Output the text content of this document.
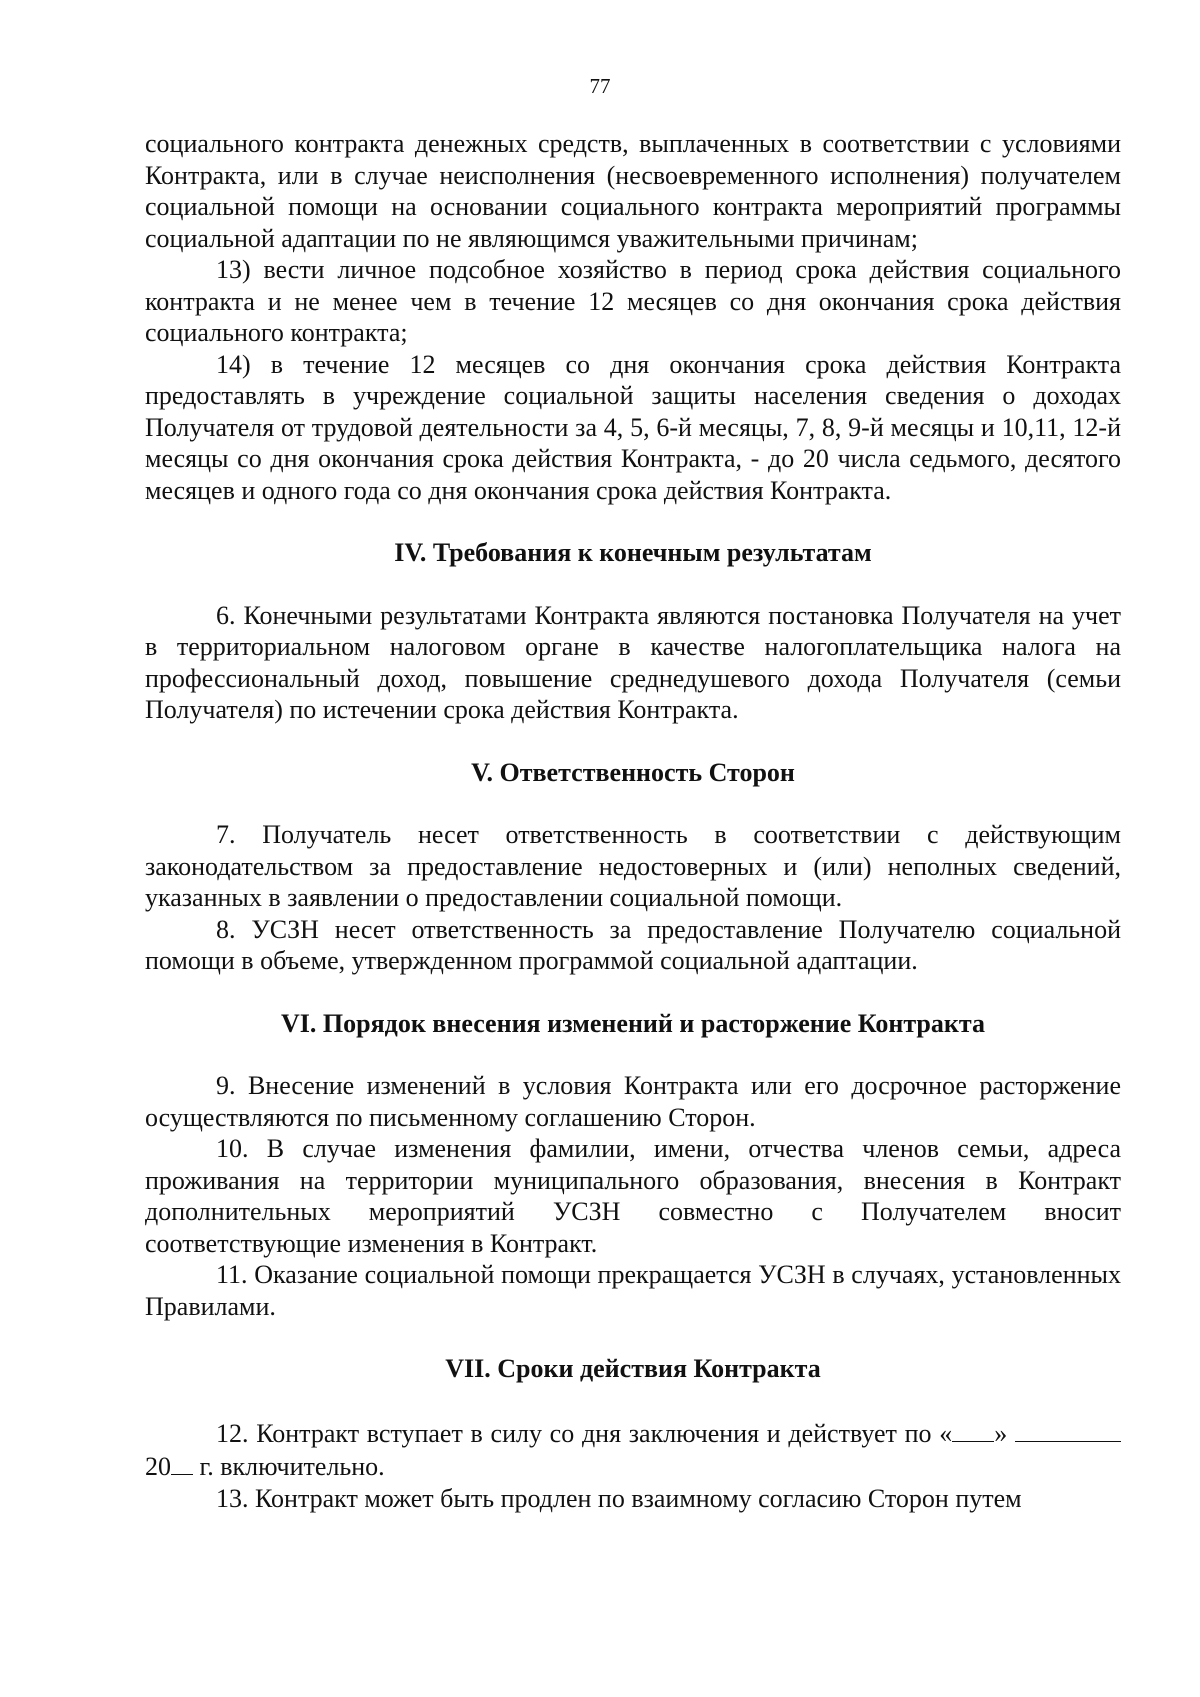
77

социального контракта денежных средств, выплаченных в соответствии с условиями Контракта, или в случае неисполнения (несвоевременного исполнения) получателем социальной помощи на основании социального контракта мероприятий программы социальной адаптации по не являющимся уважительными причинам;

13) вести личное подсобное хозяйство в период срока действия социального контракта и не менее чем в течение 12 месяцев со дня окончания срока действия социального контракта;

14) в течение 12 месяцев со дня окончания срока действия Контракта предоставлять в учреждение социальной защиты населения сведения о доходах Получателя от трудовой деятельности за 4, 5, 6-й месяцы, 7, 8, 9-й месяцы и 10,11, 12-й месяцы со дня окончания срока действия Контракта, - до 20 числа седьмого, десятого месяцев и одного года со дня окончания срока действия Контракта.

IV. Требования к конечным результатам

6. Конечными результатами Контракта являются постановка Получателя на учет в территориальном налоговом органе в качестве налогоплательщика налога на профессиональный доход, повышение среднедушевого дохода Получателя (семьи Получателя) по истечении срока действия Контракта.

V. Ответственность Сторон

7. Получатель несет ответственность в соответствии с действующим законодательством за предоставление недостоверных и (или) неполных сведений, указанных в заявлении о предоставлении социальной помощи.

8. УСЗН несет ответственность за предоставление Получателю социальной помощи в объеме, утвержденном программой социальной адаптации.

VI. Порядок внесения изменений и расторжение Контракта

9. Внесение изменений в условия Контракта или его досрочное расторжение осуществляются по письменному соглашению Сторон.

10. В случае изменения фамилии, имени, отчества членов семьи, адреса проживания на территории муниципального образования, внесения в Контракт дополнительных мероприятий УСЗН совместно с Получателем вносит соответствующие изменения в Контракт.

11. Оказание социальной помощи прекращается УСЗН в случаях, установленных Правилами.

VII. Сроки действия Контракта

12. Контракт вступает в силу со дня заключения и действует по « »  20 г. включительно.

13. Контракт может быть продлен по взаимному согласию Сторон путем
